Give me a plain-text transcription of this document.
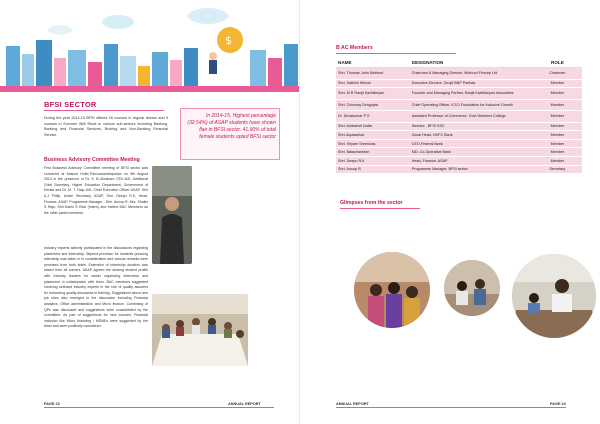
$
BFSI SECTOR

During the year 2014-15 BFSI offered 16 courses in regular stream and 5 courses in Summer Skill Block in various sub-sectors including Banking, Banking and Financial Services, Broking and Non-Banking Financial Service.

In 2014-15, Highest percentage (32.54%) of ASAP students have shown flair in BFSI sector. 41.90% of total female students opted BFSI sector

Business Advisory Committee Meeting

First Business Advisory Committee meeting of BFSI sector was convened at Mascot Hotel,Thiruvananthapuram on 9th August 2013 in the presence of Dr. K M Abraham CFA IAS, Additional Chief Secretary, Higher Education Department, Government of Kerala and Dr. M. T. Raju IAS, Chief Executive Officer ASAP. Shri A.J Philip, Under Secretary, ASAP, Shri. Deepu R.K, Head, Finance, ASAP, Programme Manager - Shri. Anoop R, Mrs. Shalini S Raju, Shri.Sabin S Ravi (Intern) and invited BAC Members as the other panel members.

Industry experts actively participated in the discussions regarding placement and internship. Stipend provision for students pursuing internship was taken in to consideration and various remarks were promised from both sides. Extension of internship duration was raised from all corners. ASAP agreed the sharing student profile with industry leaders for easier organizing internship and placement in collaboration with them. BAC members suggested involving selected industry experts in the role of quality assurers for enhancing quality assurance in training. Suggestions about new job roles also emerged in the discussion including Financial analytics, Office administration and Micro finance. Combining of QPs was discussed and suggestions were consolidated by the committee. As part of suggestions for new courses, Financial inclusion like Micro financing / MSMEs were suggested by the team and were positively considered.

PAGE 23	ANNUAL REPORT
B AC Members
NAME	DESIGNATION	ROLE
Shri. Thomas John Muthoot	Chairman & Managing Director, Muthoot Fincorp Ltd	Chairman
Shri. Sathish Menon	Executive Director, Geojit BNP Paribas	Member
Shri. M.R Ranjit Karthikeyan	Founder and Managing Partner, Ranjit Karthikeyan Associates	Member
Shri. Chinmay Sengupta	Chief Operating Officer, ICICI Foundation for Inclusive Growth	Member
Dr. Devakumar P S	Assistant Professor of Commerce, Govt Womens College	Member
Shri. Ambarish Datta	Director , BFSI SSC	Member
Shri.Jayasankar	Zonal Head, HDFC Bank	Member
Shri. Shyam Sreenivas	CEO,Federal Bank	Member
Shri. Balachandran	MD, Co-Operative Bank	Member
Shri. Deepu R.K	Head, Finance, ASAP	Member
Shri. Anoop R	Programme Manager, BFSI sector	Secretary
Glimpses from the sector
ANNUAL REPORT	PAGE 24
